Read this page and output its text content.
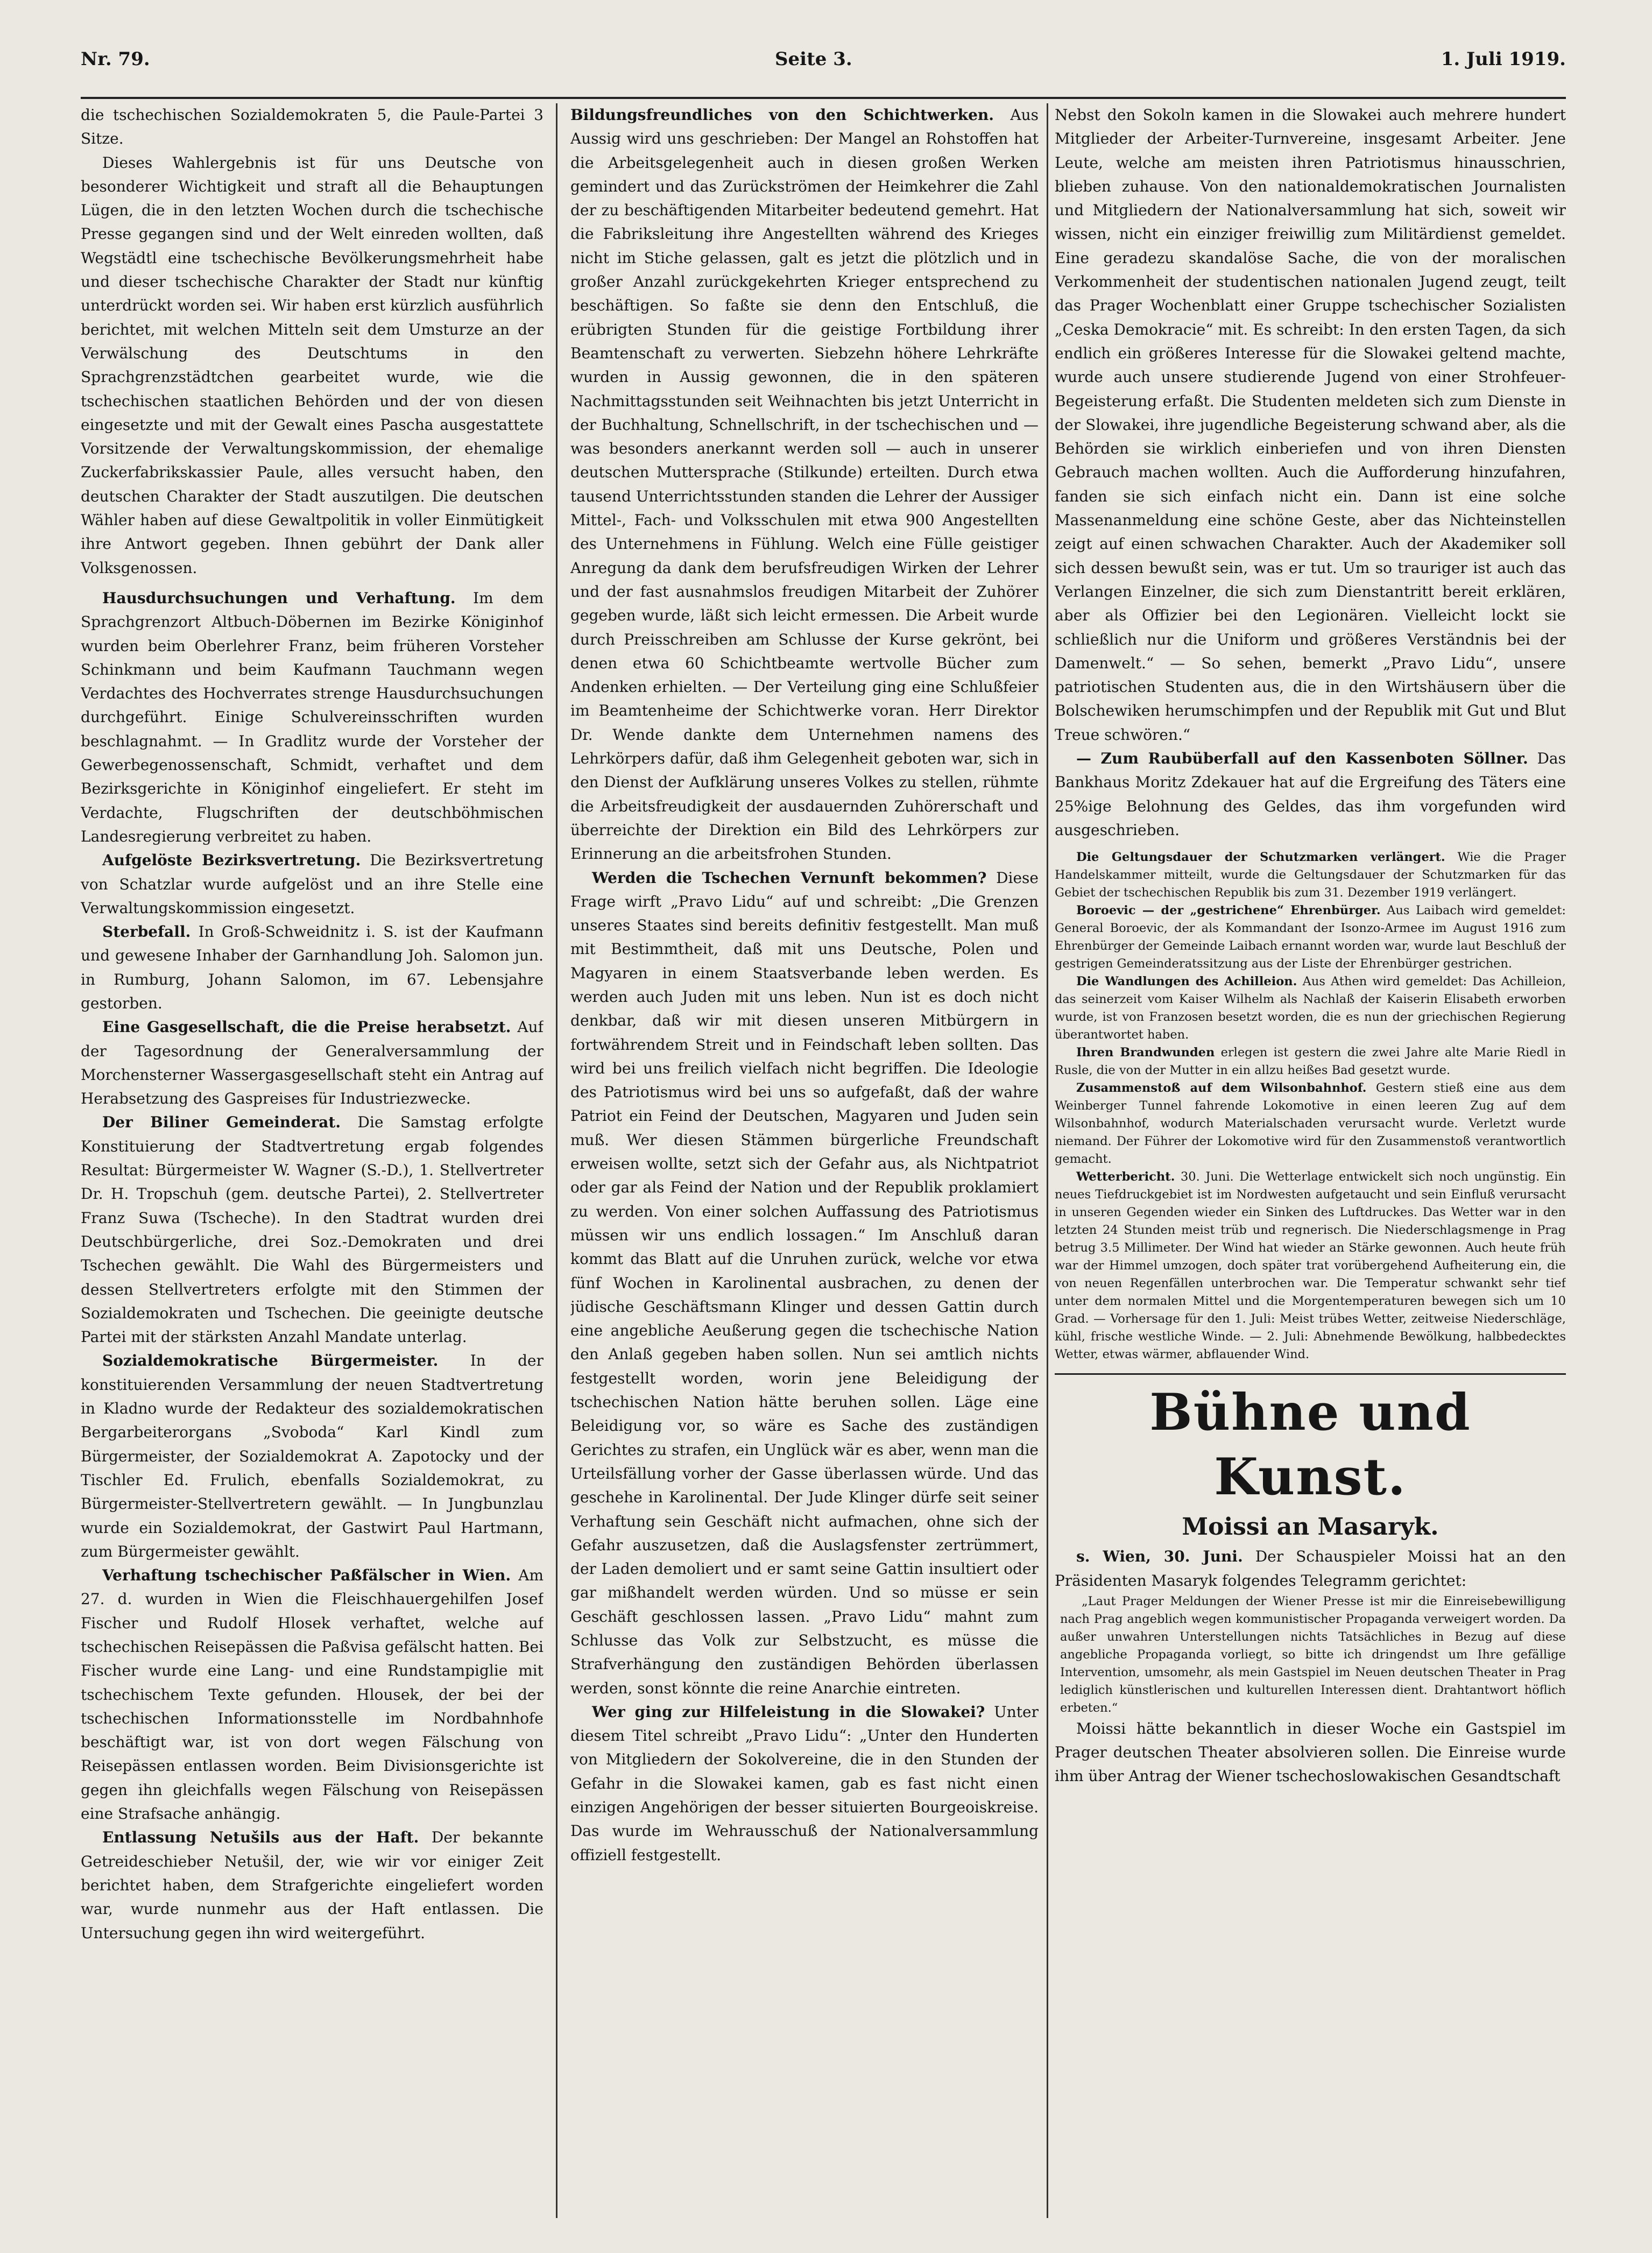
Nr. 79.	Seite 3.	1. Juli 1919.

die tschechischen Sozialdemokraten 5, die Paule-Partei 3 Sitze.

Dieses Wahlergebnis ist für uns Deutsche von besonderer Wichtigkeit und straft all die Behauptungen Lügen, die in den letzten Wochen durch die tschechische Presse gegangen sind und der Welt einreden wollten, daß Wegstädtl eine tschechische Bevölkerungsmehrheit habe und dieser tschechische Charakter der Stadt nur künftig unterdrückt worden sei. Wir haben erst kürzlich ausführlich berichtet, mit welchen Mitteln seit dem Umsturze an der Verwälschung des Deutschtums in den Sprachgrenzstädtchen gearbeitet wurde, wie die tschechischen staatlichen Behörden und der von diesen eingesetzte und mit der Gewalt eines Pascha ausgestattete Vorsitzende der Verwaltungskommission, der ehemalige Zuckerfabrikskassier Paule, alles versucht haben, den deutschen Charakter der Stadt auszutilgen. Die deutschen Wähler haben auf diese Gewaltpolitik in voller Einmütigkeit ihre Antwort gegeben. Ihnen gebührt der Dank aller Volksgenossen.

Hausdurchsuchungen und Verhaftung. Im dem Sprachgrenzort Altbuch-Döbernen im Bezirke Königinhof wurden beim Oberlehrer Franz, beim früheren Vorsteher Schinkmann und beim Kaufmann Tauchmann wegen Verdachtes des Hochverrates strenge Hausdurchsuchungen durchgeführt. Einige Schulvereinsschriften wurden beschlagnahmt. — In Gradlitz wurde der Vorsteher der Gewerbegenossenschaft, Schmidt, verhaftet und dem Bezirksgerichte in Königinhof eingeliefert. Er steht im Verdachte, Flugschriften der deutschböhmischen Landesregierung verbreitet zu haben.

Aufgelöste Bezirksvertretung. Die Bezirksvertretung von Schatzlar wurde aufgelöst und an ihre Stelle eine Verwaltungskommission eingesetzt.

Sterbefall. In Groß-Schweidnitz i. S. ist der Kaufmann und gewesene Inhaber der Garnhandlung Joh. Salomon jun. in Rumburg, Johann Salomon, im 67. Lebensjahre gestorben.

Eine Gasgesellschaft, die die Preise herabsetzt. Auf der Tagesordnung der Generalversammlung der Morchensterner Wassergasgesellschaft steht ein Antrag auf Herabsetzung des Gaspreises für Industriezwecke.

Der Biliner Gemeinderat. Die Samstag erfolgte Konstituierung der Stadtvertretung ergab folgendes Resultat: Bürgermeister W. Wagner (S.-D.), 1. Stellvertreter Dr. H. Tropschuh (gem. deutsche Partei), 2. Stellvertreter Franz Suwa (Tscheche). In den Stadtrat wurden drei Deutschbürgerliche, drei Soz.-Demokraten und drei Tschechen gewählt. Die Wahl des Bürgermeisters und dessen Stellvertreters erfolgte mit den Stimmen der Sozialdemokraten und Tschechen. Die geeinigte deutsche Partei mit der stärksten Anzahl Mandate unterlag.

Sozialdemokratische Bürgermeister. In der konstituierenden Versammlung der neuen Stadtvertretung in Kladno wurde der Redakteur des sozialdemokratischen Bergarbeiterorgans „Svoboda“ Karl Kindl zum Bürgermeister, der Sozialdemokrat A. Zapotocky und der Tischler Ed. Frulich, ebenfalls Sozialdemokrat, zu Bürgermeister-Stellvertretern gewählt. — In Jungbunzlau wurde ein Sozialdemokrat, der Gastwirt Paul Hartmann, zum Bürgermeister gewählt.

Verhaftung tschechischer Paßfälscher in Wien. Am 27. d. wurden in Wien die Fleischhauergehilfen Josef Fischer und Rudolf Hlosek verhaftet, welche auf tschechischen Reisepässen die Paßvisa gefälscht hatten. Bei Fischer wurde eine Lang- und eine Rundstampiglie mit tschechischem Texte gefunden. Hlousek, der bei der tschechischen Informationsstelle im Nordbahnhofe beschäftigt war, ist von dort wegen Fälschung von Reisepässen entlassen worden. Beim Divisionsgerichte ist gegen ihn gleichfalls wegen Fälschung von Reisepässen eine Strafsache anhängig.

Entlassung Netušils aus der Haft. Der bekannte Getreideschieber Netušil, der, wie wir vor einiger Zeit berichtet haben, dem Strafgerichte eingeliefert worden war, wurde nunmehr aus der Haft entlassen. Die Untersuchung gegen ihn wird weitergeführt.

Bildungsfreundliches von den Schichtwerken. Aus Aussig wird uns geschrieben: Der Mangel an Rohstoffen hat die Arbeitsgelegenheit auch in diesen großen Werken gemindert und das Zurückströmen der Heimkehrer die Zahl der zu beschäftigenden Mitarbeiter bedeutend gemehrt. Hat die Fabriksleitung ihre Angestellten während des Krieges nicht im Stiche gelassen, galt es jetzt die plötzlich und in großer Anzahl zurückgekehrten Krieger entsprechend zu beschäftigen. So faßte sie denn den Entschluß, die erübrigten Stunden für die geistige Fortbildung ihrer Beamtenschaft zu verwerten. Siebzehn höhere Lehrkräfte wurden in Aussig gewonnen, die in den späteren Nachmittagsstunden seit Weihnachten bis jetzt Unterricht in der Buchhaltung, Schnellschrift, in der tschechischen und — was besonders anerkannt werden soll — auch in unserer deutschen Muttersprache (Stilkunde) erteilten. Durch etwa tausend Unterrichtsstunden standen die Lehrer der Aussiger Mittel-, Fach- und Volksschulen mit etwa 900 Angestellten des Unternehmens in Fühlung. Welch eine Fülle geistiger Anregung da dank dem berufsfreudigen Wirken der Lehrer und der fast ausnahmslos freudigen Mitarbeit der Zuhörer gegeben wurde, läßt sich leicht ermessen. Die Arbeit wurde durch Preisschreiben am Schlusse der Kurse gekrönt, bei denen etwa 60 Schichtbeamte wertvolle Bücher zum Andenken erhielten. — Der Verteilung ging eine Schlußfeier im Beamtenheime der Schichtwerke voran. Herr Direktor Dr. Wende dankte dem Unternehmen namens des Lehrkörpers dafür, daß ihm Gelegenheit geboten war, sich in den Dienst der Aufklärung unseres Volkes zu stellen, rühmte die Arbeitsfreudigkeit der ausdauernden Zuhörerschaft und überreichte der Direktion ein Bild des Lehrkörpers zur Erinnerung an die arbeitsfrohen Stunden.

Werden die Tschechen Vernunft bekommen? Diese Frage wirft „Pravo Lidu“ auf und schreibt: „Die Grenzen unseres Staates sind bereits definitiv festgestellt. Man muß mit Bestimmtheit, daß mit uns Deutsche, Polen und Magyaren in einem Staatsverbande leben werden. Es werden auch Juden mit uns leben. Nun ist es doch nicht denkbar, daß wir mit diesen unseren Mitbürgern in fortwährendem Streit und in Feindschaft leben sollten. Das wird bei uns freilich vielfach nicht begriffen. Die Ideologie des Patriotismus wird bei uns so aufgefaßt, daß der wahre Patriot ein Feind der Deutschen, Magyaren und Juden sein muß. Wer diesen Stämmen bürgerliche Freundschaft erweisen wollte, setzt sich der Gefahr aus, als Nichtpatriot oder gar als Feind der Nation und der Republik proklamiert zu werden. Von einer solchen Auffassung des Patriotismus müssen wir uns endlich lossagen.“ Im Anschluß daran kommt das Blatt auf die Unruhen zurück, welche vor etwa fünf Wochen in Karolinental ausbrachen, zu denen der jüdische Geschäftsmann Klinger und dessen Gattin durch eine angebliche Aeußerung gegen die tschechische Nation den Anlaß gegeben haben sollen. Nun sei amtlich nichts festgestellt worden, worin jene Beleidigung der tschechischen Nation hätte beruhen sollen. Läge eine Beleidigung vor, so wäre es Sache des zuständigen Gerichtes zu strafen, ein Unglück wär es aber, wenn man die Urteilsfällung vorher der Gasse überlassen würde. Und das geschehe in Karolinental. Der Jude Klinger dürfe seit seiner Verhaftung sein Geschäft nicht aufmachen, ohne sich der Gefahr auszusetzen, daß die Auslagsfenster zertrümmert, der Laden demoliert und er samt seine Gattin insultiert oder gar mißhandelt werden würden. Und so müsse er sein Geschäft geschlossen lassen. „Pravo Lidu“ mahnt zum Schlusse das Volk zur Selbstzucht, es müsse die Strafverhängung den zuständigen Behörden überlassen werden, sonst könnte die reine Anarchie eintreten.

Wer ging zur Hilfeleistung in die Slowakei? Unter diesem Titel schreibt „Pravo Lidu“: „Unter den Hunderten von Mitgliedern der Sokolvereine, die in den Stunden der Gefahr in die Slowakei kamen, gab es fast nicht einen einzigen Angehörigen der besser situierten Bourgeoiskreise. Das wurde im Wehrausschuß der Nationalversammlung offiziell festgestellt.

Nebst den Sokoln kamen in die Slowakei auch mehrere hundert Mitglieder der Arbeiter-Turnvereine, insgesamt Arbeiter. Jene Leute, welche am meisten ihren Patriotismus hinausschrien, blieben zuhause. Von den nationaldemokratischen Journalisten und Mitgliedern der Nationalversammlung hat sich, soweit wir wissen, nicht ein einziger freiwillig zum Militärdienst gemeldet. Eine geradezu skandalöse Sache, die von der moralischen Verkommenheit der studentischen nationalen Jugend zeugt, teilt das Prager Wochenblatt einer Gruppe tschechischer Sozialisten „Ceska Demokracie“ mit. Es schreibt: In den ersten Tagen, da sich endlich ein größeres Interesse für die Slowakei geltend machte, wurde auch unsere studierende Jugend von einer Strohfeuer-Begeisterung erfaßt. Die Studenten meldeten sich zum Dienste in der Slowakei, ihre jugendliche Begeisterung schwand aber, als die Behörden sie wirklich einberiefen und von ihren Diensten Gebrauch machen wollten. Auch die Aufforderung hinzufahren, fanden sie sich einfach nicht ein. Dann ist eine solche Massenanmeldung eine schöne Geste, aber das Nichteinstellen zeigt auf einen schwachen Charakter. Auch der Akademiker soll sich dessen bewußt sein, was er tut. Um so trauriger ist auch das Verlangen Einzelner, die sich zum Dienstantritt bereit erklären, aber als Offizier bei den Legionären. Vielleicht lockt sie schließlich nur die Uniform und größeres Verständnis bei der Damenwelt.“ — So sehen, bemerkt „Pravo Lidu“, unsere patriotischen Studenten aus, die in den Wirtshäusern über die Bolschewiken herumschimpfen und der Republik mit Gut und Blut Treue schwören.“

— Zum Raubüberfall auf den Kassenboten Söllner. Das Bankhaus Moritz Zdekauer hat auf die Ergreifung des Täters eine 25%ige Belohnung des Geldes, das ihm vorgefunden wird ausgeschrieben.

Die Geltungsdauer der Schutzmarken verlängert. Wie die Prager Handelskammer mitteilt, wurde die Geltungsdauer der Schutzmarken für das Gebiet der tschechischen Republik bis zum 31. Dezember 1919 verlängert.

Boroevic — der „gestrichene“ Ehrenbürger. Aus Laibach wird gemeldet: General Boroevic, der als Kommandant der Isonzo-Armee im August 1916 zum Ehrenbürger der Gemeinde Laibach ernannt worden war, wurde laut Beschluß der gestrigen Gemeinderatssitzung aus der Liste der Ehrenbürger gestrichen.

Die Wandlungen des Achilleion. Aus Athen wird gemeldet: Das Achilleion, das seinerzeit vom Kaiser Wilhelm als Nachlaß der Kaiserin Elisabeth erworben wurde, ist von Franzosen besetzt worden, die es nun der griechischen Regierung überantwortet haben.

Ihren Brandwunden erlegen ist gestern die zwei Jahre alte Marie Riedl in Rusle, die von der Mutter in ein allzu heißes Bad gesetzt wurde.

Zusammenstoß auf dem Wilsonbahnhof. Gestern stieß eine aus dem Weinberger Tunnel fahrende Lokomotive in einen leeren Zug auf dem Wilsonbahnhof, wodurch Materialschaden verursacht wurde. Verletzt wurde niemand. Der Führer der Lokomotive wird für den Zusammenstoß verantwortlich gemacht.

Wetterbericht. 30. Juni. Die Wetterlage entwickelt sich noch ungünstig. Ein neues Tiefdruckgebiet ist im Nordwesten aufgetaucht und sein Einfluß verursacht in unseren Gegenden wieder ein Sinken des Luftdruckes. Das Wetter war in den letzten 24 Stunden meist trüb und regnerisch. Die Niederschlagsmenge in Prag betrug 3.5 Millimeter. Der Wind hat wieder an Stärke gewonnen. Auch heute früh war der Himmel umzogen, doch später trat vorübergehend Aufheiterung ein, die von neuen Regenfällen unterbrochen war. Die Temperatur schwankt sehr tief unter dem normalen Mittel und die Morgentemperaturen bewegen sich um 10 Grad. — Vorhersage für den 1. Juli: Meist trübes Wetter, zeitweise Niederschläge, kühl, frische westliche Winde. — 2. Juli: Abnehmende Bewölkung, halbbedecktes Wetter, etwas wärmer, abflauender Wind.

Bühne und Kunst.
Moissi an Masaryk.

s. Wien, 30. Juni. Der Schauspieler Moissi hat an den Präsidenten Masaryk folgendes Telegramm gerichtet:

„Laut Prager Meldungen der Wiener Presse ist mir die Einreisebewilligung nach Prag angeblich wegen kommunistischer Propaganda verweigert worden. Da außer unwahren Unterstellungen nichts Tatsächliches in Bezug auf diese angebliche Propaganda vorliegt, so bitte ich dringendst um Ihre gefällige Intervention, umsomehr, als mein Gastspiel im Neuen deutschen Theater in Prag lediglich künstlerischen und kulturellen Interessen dient. Drahtantwort höflich erbeten.“

Moissi hätte bekanntlich in dieser Woche ein Gastspiel im Prager deutschen Theater absolvieren sollen. Die Einreise wurde ihm über Antrag der Wiener tschechoslowakischen Gesandtschaft
